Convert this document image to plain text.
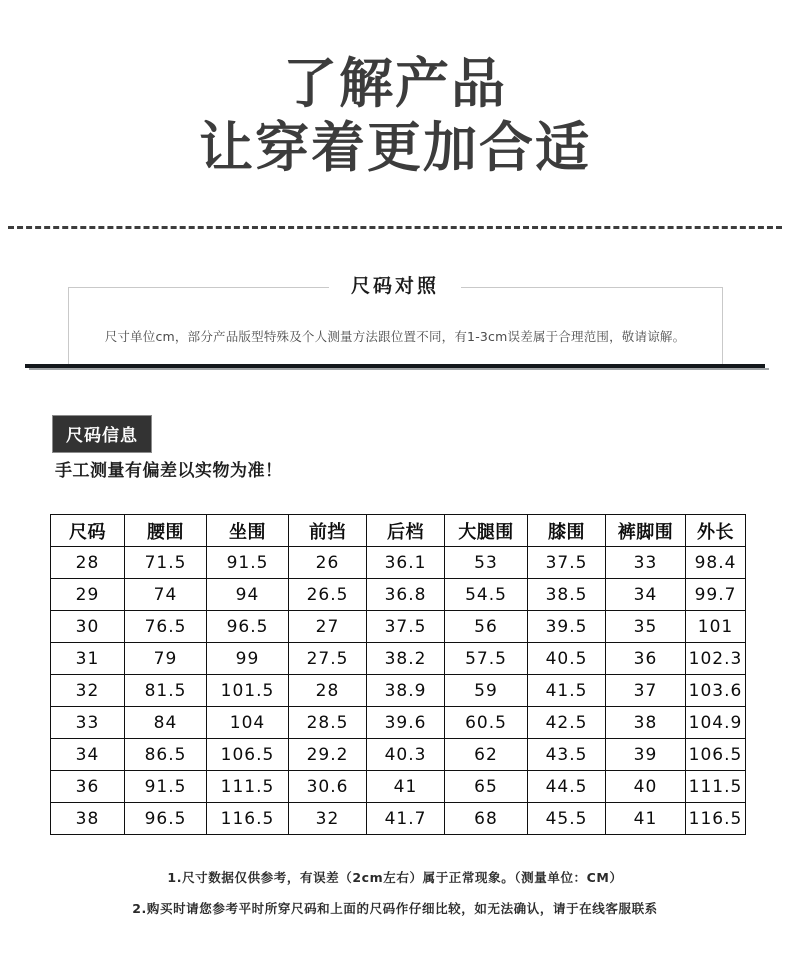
了解产品
让穿着更加合适
尺码对照
尺寸单位cm，部分产品版型特殊及个人测量方法跟位置不同，有1-3cm误差属于合理范围，敬请谅解。
尺码信息
手工测量有偏差以实物为准！
尺码	腰围	坐围	前挡	后档	大腿围	膝围	裤脚围	外长
28	71.5	91.5	26	36.1	53	37.5	33	98.4
29	74	94	26.5	36.8	54.5	38.5	34	99.7
30	76.5	96.5	27	37.5	56	39.5	35	101
31	79	99	27.5	38.2	57.5	40.5	36	102.3
32	81.5	101.5	28	38.9	59	41.5	37	103.6
33	84	104	28.5	39.6	60.5	42.5	38	104.9
34	86.5	106.5	29.2	40.3	62	43.5	39	106.5
36	91.5	111.5	30.6	41	65	44.5	40	111.5
38	96.5	116.5	32	41.7	68	45.5	41	116.5
1.尺寸数据仅供参考，有误差（2cm左右）属于正常现象。（测量单位：CM）
2.购买时请您参考平时所穿尺码和上面的尺码作仔细比较，如无法确认，请于在线客服联系
